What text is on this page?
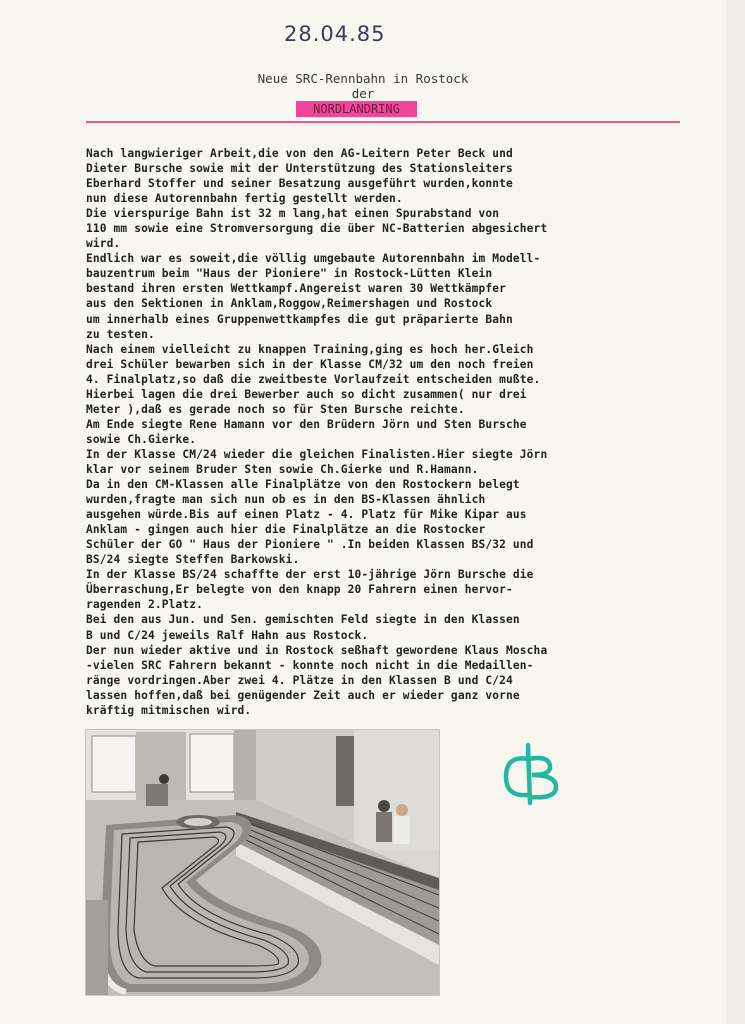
28.04.85
Neue SRC-Rennbahn in Rostock
der
NORDLANDRING
Nach langwieriger Arbeit,die von den AG-Leitern Peter Beck und
Dieter Bursche sowie mit der Unterstützung des Stationsleiters
Eberhard Stoffer und seiner Besatzung ausgeführt wurden,konnte
nun diese Autorennbahn fertig gestellt werden.
Die vierspurige Bahn ist 32 m lang,hat einen Spurabstand von
110 mm sowie eine Stromversorgung die über NC-Batterien abgesichert
wird.
Endlich war es soweit,die völlig umgebaute Autorennbahn im Modell-
bauzentrum beim "Haus der Pioniere" in Rostock-Lütten Klein
bestand ihren ersten Wettkampf.Angereist waren 30 Wettkämpfer
aus den Sektionen in Anklam,Roggow,Reimershagen und Rostock
um innerhalb eines Gruppenwettkampfes die gut präparierte Bahn
zu testen.
Nach einem vielleicht zu knappen Training,ging es hoch her.Gleich
drei Schüler bewarben sich in der Klasse CM/32 um den noch freien
4. Finalplatz,so daß die zweitbeste Vorlaufzeit entscheiden mußte.
Hierbei lagen die drei Bewerber auch so dicht zusammen( nur drei
Meter ),daß es gerade noch so für Sten Bursche reichte.
Am Ende siegte Rene Hamann vor den Brüdern Jörn und Sten Bursche
sowie Ch.Gierke.
In der Klasse CM/24 wieder die gleichen Finalisten.Hier siegte Jörn
klar vor seinem Bruder Sten sowie Ch.Gierke und R.Hamann.
Da in den CM-Klassen alle Finalplätze von den Rostockern belegt
wurden,fragte man sich nun ob es in den BS-Klassen ähnlich
ausgehen würde.Bis auf einen Platz - 4. Platz für Mike Kipar aus
Anklam - gingen auch hier die Finalplätze an die Rostocker
Schüler der GO " Haus der Pioniere " .In beiden Klassen BS/32 und
BS/24 siegte Steffen Barkowski.
In der Klasse BS/24 schaffte der erst 10-jährige Jörn Bursche die
Überraschung,Er belegte von den knapp 20 Fahrern einen hervor-
ragenden 2.Platz.
Bei den aus Jun. und Sen. gemischten Feld siegte in den Klassen
B und C/24 jeweils Ralf Hahn aus Rostock.
Der nun wieder aktive und in Rostock seßhaft gewordene Klaus Moscha
-vielen SRC Fahrern bekannt - konnte noch nicht in die Medaillen-
ränge vordringen.Aber zwei 4. Plätze in den Klassen B und C/24
lassen hoffen,daß bei genügender Zeit auch er wieder ganz vorne
kräftig mitmischen wird.
